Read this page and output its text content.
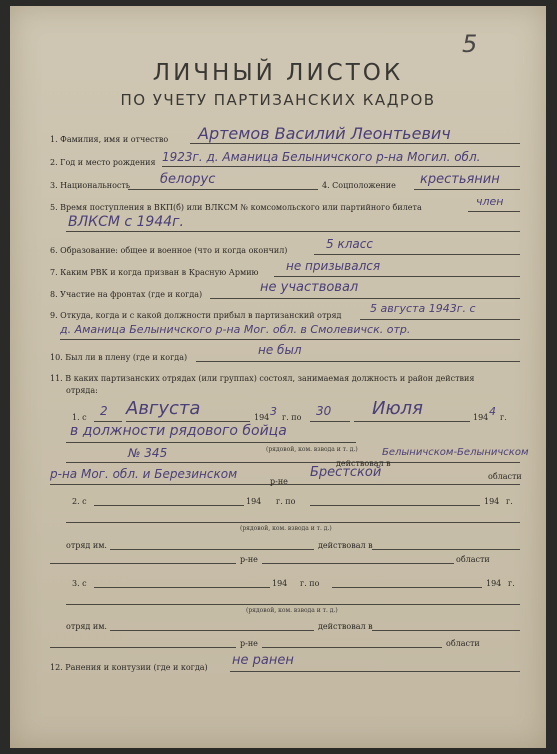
5
ЛИЧНЫЙ ЛИСТОК
ПО УЧЕТУ ПАРТИЗАНСКИХ КАДРОВ
1. Фамилия, имя и отчество Артемов Василий Леонтьевич
2. Год и место рождения 1923г. д. Аманица Белыничского р-на Могил. обл.
3. Национальность белорус	4. Соцположение крестьянин
5. Время поступления в ВКП(б) или ВЛКСМ № комсомольского или партийного билета	член
ВЛКСМ с 1944г.
6. Образование: общее и военное (что и когда окончил)	5 класс
7. Каким РВК и когда призван в Красную Армию не призывался
8. Участие на фронтах (где и когда)	не участвовал
9. Откуда, когда и с какой должности прибыл в партизанский отряд
5 августа 1943г. с
д. Аманица Белыничского р-на Мог. обл. в Смолевичск. отр.
10. Был ли в плену (где и когда)
не был
11. В каких партизанских отрядах (или группах) состоял, занимаемая должность и район действия
отряда:
1. с 2 Августа	194 3 г. по 30 Июля	194 4 г.
в должности рядового бойца
(рядовой, ком. взвода и т. д.)
№ 345
действовал в
Белыничском-Белыничском
р-на Мог. обл. и Березинском
р-не
Брестской	области
2. с	194 г. по	194 г.
(рядовой, ком. взвода и т. д.)
отряд им.	действовал в
р-не	области
3. с	194 г. по	194 г.
(рядовой, ком. взвода и т. д.)
отряд им.	действовал в
р-не	области
12. Ранения и контузии (где и когда) не ранен
